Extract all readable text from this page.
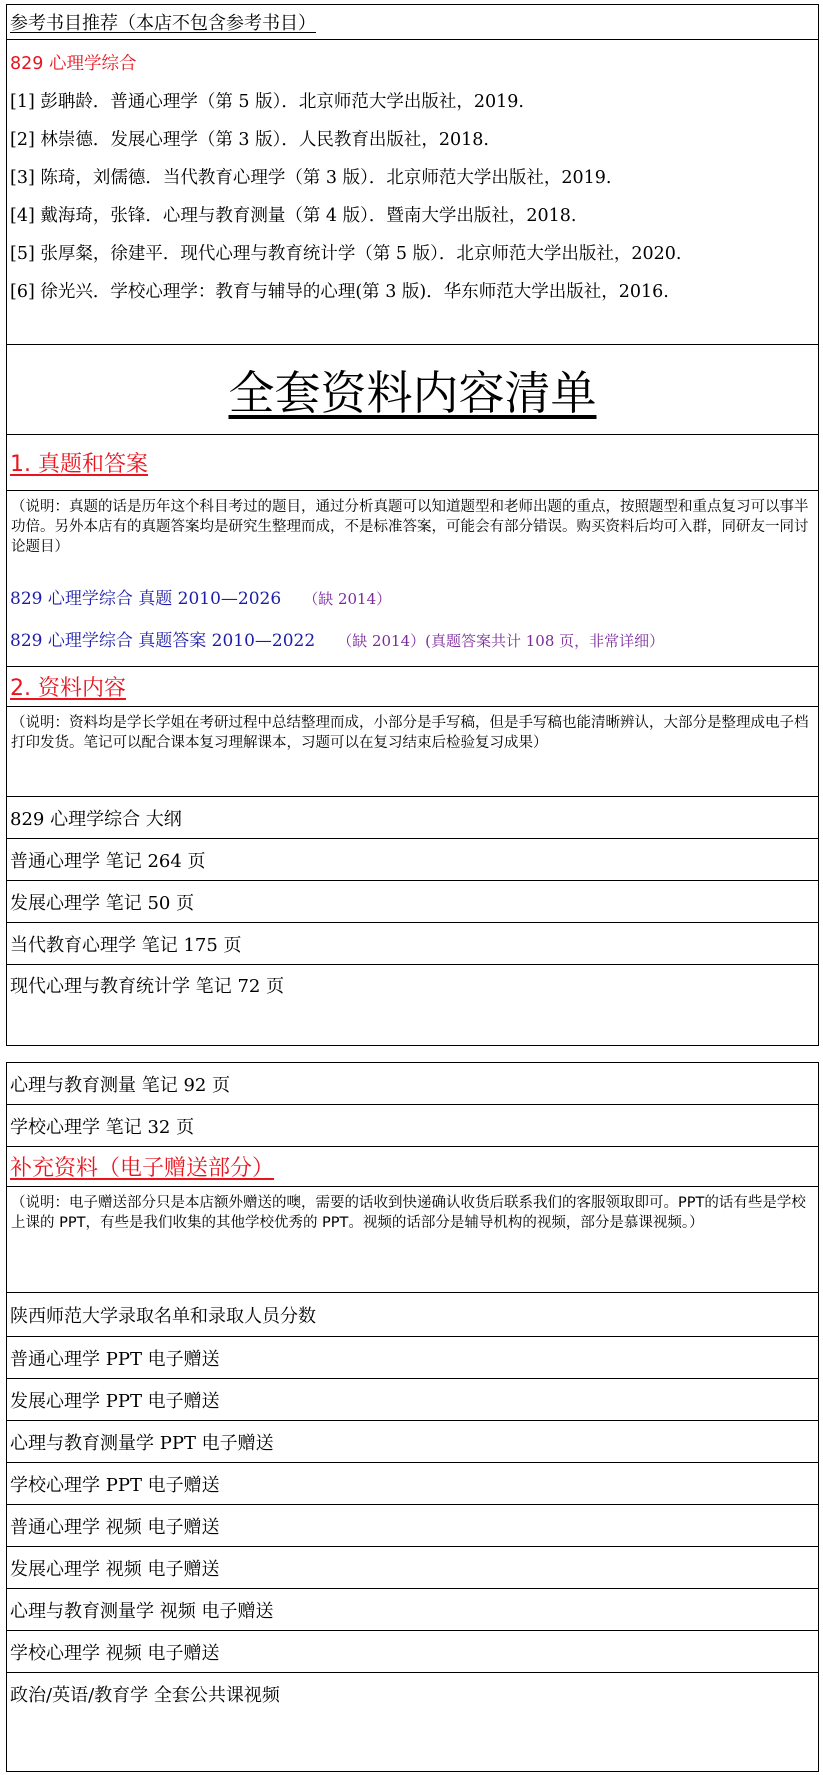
参考书目推荐（本店不包含参考书目）
829 心理学综合
[1] 彭聃龄．普通心理学（第 5 版）．北京师范大学出版社，2019.
[2] 林崇德．发展心理学（第 3 版）．人民教育出版社，2018.
[3] 陈琦，刘儒德．当代教育心理学（第 3 版）．北京师范大学出版社，2019.
[4] 戴海琦，张锋．心理与教育测量（第 4 版）．暨南大学出版社，2018.
[5] 张厚粲，徐建平．现代心理与教育统计学（第 5 版）．北京师范大学出版社，2020.
[6] 徐光兴．学校心理学：教育与辅导的心理(第 3 版)．华东师范大学出版社，2016.
全套资料内容清单
1. 真题和答案
（说明：真题的话是历年这个科目考过的题目，通过分析真题可以知道题型和老师出题的重点，按照题型和重点复习可以事半功倍。另外本店有的真题答案均是研究生整理而成，不是标准答案，可能会有部分错误。购买资料后均可入群，同研友一同讨论题目）
829 心理学综合 真题 2010—2026 （缺 2014）
829 心理学综合 真题答案 2010—2022 （缺 2014）(真题答案共计 108 页，非常详细）
2. 资料内容
（说明：资料均是学长学姐在考研过程中总结整理而成，小部分是手写稿，但是手写稿也能清晰辨认，大部分是整理成电子档打印发货。笔记可以配合课本复习理解课本，习题可以在复习结束后检验复习成果）
829 心理学综合 大纲
普通心理学 笔记 264 页
发展心理学 笔记 50 页
当代教育心理学 笔记 175 页
现代心理与教育统计学 笔记 72 页
心理与教育测量 笔记 92 页
学校心理学 笔记 32 页
补充资料（电子赠送部分）
（说明：电子赠送部分只是本店额外赠送的噢，需要的话收到快递确认收货后联系我们的客服领取即可。PPT的话有些是学校上课的 PPT，有些是我们收集的其他学校优秀的 PPT。视频的话部分是辅导机构的视频，部分是慕课视频。）
陕西师范大学录取名单和录取人员分数
普通心理学 PPT 电子赠送
发展心理学 PPT 电子赠送
心理与教育测量学 PPT 电子赠送
学校心理学 PPT 电子赠送
普通心理学 视频 电子赠送
发展心理学 视频 电子赠送
心理与教育测量学 视频 电子赠送
学校心理学 视频 电子赠送
政治/英语/教育学 全套公共课视频
